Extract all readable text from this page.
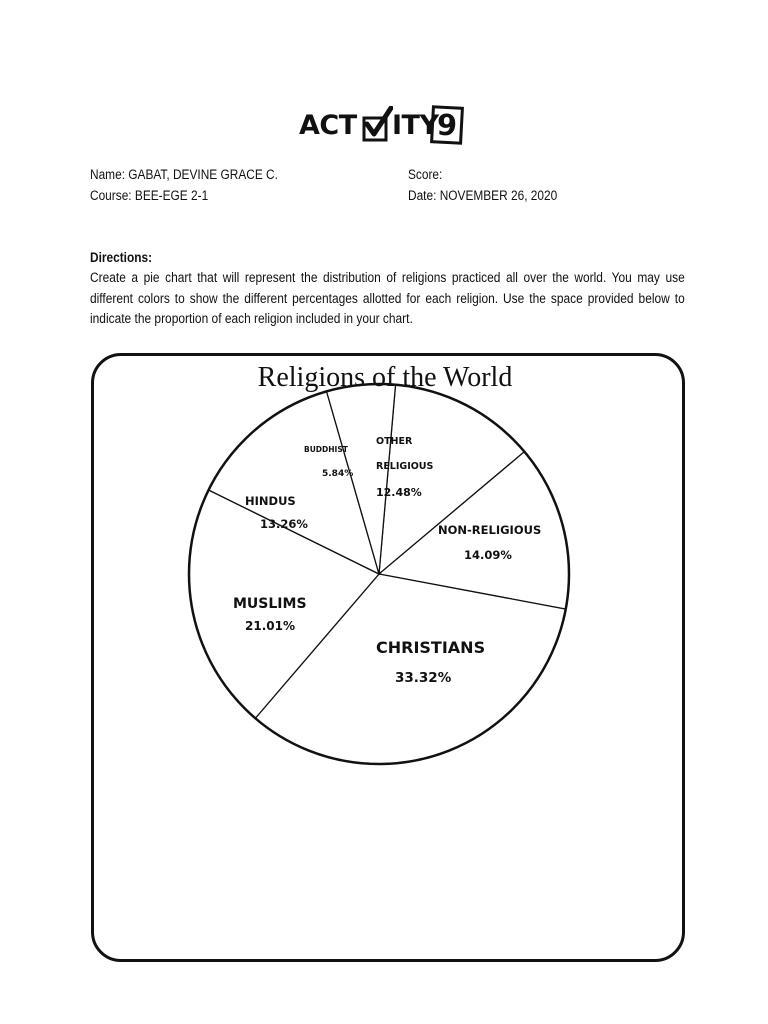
ACT ITY
9
Name: GABAT, DEVINE GRACE C.
Course: BEE-EGE 2-1
Score:
Date: NOVEMBER 26, 2020
Directions:
Create a pie chart that will represent the distribution of religions practiced all over the world. You may use different colors to show the different percentages allotted for each religion. Use the space provided below to indicate the proportion of each religion included in your chart.
Religions of the World
OTHER
RELIGIOUS
12.48%
NON-RELIGIOUS
14.09%
CHRISTIANS
33.32%
MUSLIMS
21.01%
HINDUS
13.26%
BUDDHIST
5.84%
